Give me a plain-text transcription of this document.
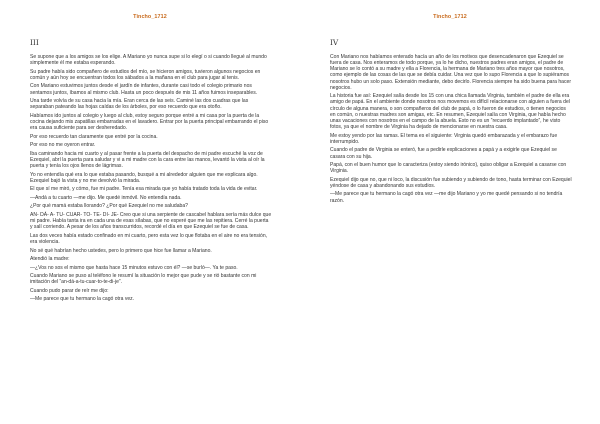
Tincho_1712
III

Se supone que a los amigos se los elige. A Mariano yo nunca supe si lo elegí o si cuando llegué al mundo simplemente él me estaba esperando.

Su padre había sido compañero de estudios del mío, se hicieron amigos, tuvieron algunos negocios en común y aún hoy se encuentran todos los sábados a la mañana en el club para jugar al tenis.

Con Mariano estuvimos juntos desde el jardín de infantes, durante casi todo el colegio primario nos sentamos juntos, íbamos al mismo club. Hasta un poco después de mis 11 años fuimos inseparables.

Una tarde volvía de su casa hacia la mía. Eran cerca de las seis. Caminé las dos cuadras que las separaban pateando las hojas caídas de los árboles, por eso recuerdo que era otoño.

Habíamos ido juntos al colegio y luego al club, estoy seguro porque entré a mi casa por la puerta de la cocina dejando mis zapatillas embarradas en el lavadero. Entrar por la puerta principal embarrando el piso era causa suficiente para ser desheredado.

Por eso recuerdo tan claramente que entré por la cocina.

Por eso no me oyeron entrar.

Iba caminando hacia mi cuarto y al pasar frente a la puerta del despacho de mi padre escuché la voz de Ezequiel, abrí la puerta para saludar y vi a mi madre con la cara entre las manos, levantó la vista al oír la puerta y tenía los ojos llenos de lágrimas.

Yo no entendía qué era lo que estaba pasando, busqué a mi alrededor alguien que me explicara algo. Ezequiel bajó la vista y no me devolvió la mirada.

El que sí me miró, y cómo, fue mi padre. Tenía esa mirada que yo había tratado toda la vida de evitar.

—Andá a tu cuarto —me dijo. Me quedé inmóvil. No entendía nada.

¿Por qué mamá estaba llorando? ¿Por qué Ezequiel no me saludaba?

AN- DÁ- A- TU- CUAR- TO- TE- DI- JE- Creo que si una serpiente de cascabel hablara sería más dulce que mi padre. Había tanta ira en cada una de esas sílabas, que no esperé que me las repitiera. Cerré la puerta y salí corriendo. A pesar de los años transcurridos, recordé el día en que Ezequiel se fue de casa.

Las dos veces había estado confinado en mi cuarto, pero esta vez lo que flotaba en el aire no era tensión, era violencia.

No sé qué habrían hecho ustedes, pero lo primero que hice fue llamar a Mariano.

Atendió la madre:

—¿Vos no sos el mismo que hasta hace 15 minutos estuvo con él? —se burló—. Ya te paso.

Cuando Mariano se puso al teléfono le resumí la situación lo mejor que pude y se rió bastante con mi imitación del “an-dá-a-tu-cuar-to-te-di-je”.

Cuando pudo parar de reír me dijo:

—Me parece que tu hermano la cagó otra vez.

Tincho_1712
IV

Con Mariano nos habíamos enterado hacía un año de los motivos que desencadenaron que Ezequiel se fuera de casa. Nos enteramos de todo porque, ya lo he dicho, nuestros padres eran amigos, el padre de Mariano se lo contó a su madre y ella a Florencia, la hermana de Mariano tres años mayor que nosotros, como ejemplo de las cosas de las que se debía cuidar. Una vez que lo supo Florencia a que lo supiéramos nosotros hubo un solo paso. Extensión mediante, debo decirlo. Florencia siempre ha sido buena para hacer negocios.

La historia fue así: Ezequiel salía desde los 15 con una chica llamada Virginia, también el padre de ella era amigo de papá. En el ambiente donde nosotros nos movemos es difícil relacionarse con alguien a fuera del círculo de alguna manera, o son compañeros del club de papá, o lo fueron de estudios, o tienen negocios en común, o nuestras madres son amigas, etc. En resumen, Ezequiel salía con Virginia, que había hecho unas vacaciones con nosotros en el campo de la abuela. Esto no es un “recuerdo implantado”, he visto fotos, ya que el nombre de Virginia ha dejado de mencionarse en nuestra casa.

Me estoy yendo por las ramas. El tema es el siguiente: Virginia quedó embarazada y el embarazo fue interrumpido.

Cuando el padre de Virginia se enteró, fue a pedirle explicaciones a papá y a exigirle que Ezequiel se casara con su hija.

Papá, con el buen humor que lo caracteriza (estoy siendo irónico), quiso obligar a Ezequiel a casarse con Virginia.

Ezequiel dijo que no, que ni loco, la discusión fue subiendo y subiendo de tono, hasta terminar con Ezequiel yéndose de casa y abandonando sus estudios.

—Me parece que tu hermano la cagó otra vez —me dijo Mariano y yo me quedé pensando si no tendría razón.
